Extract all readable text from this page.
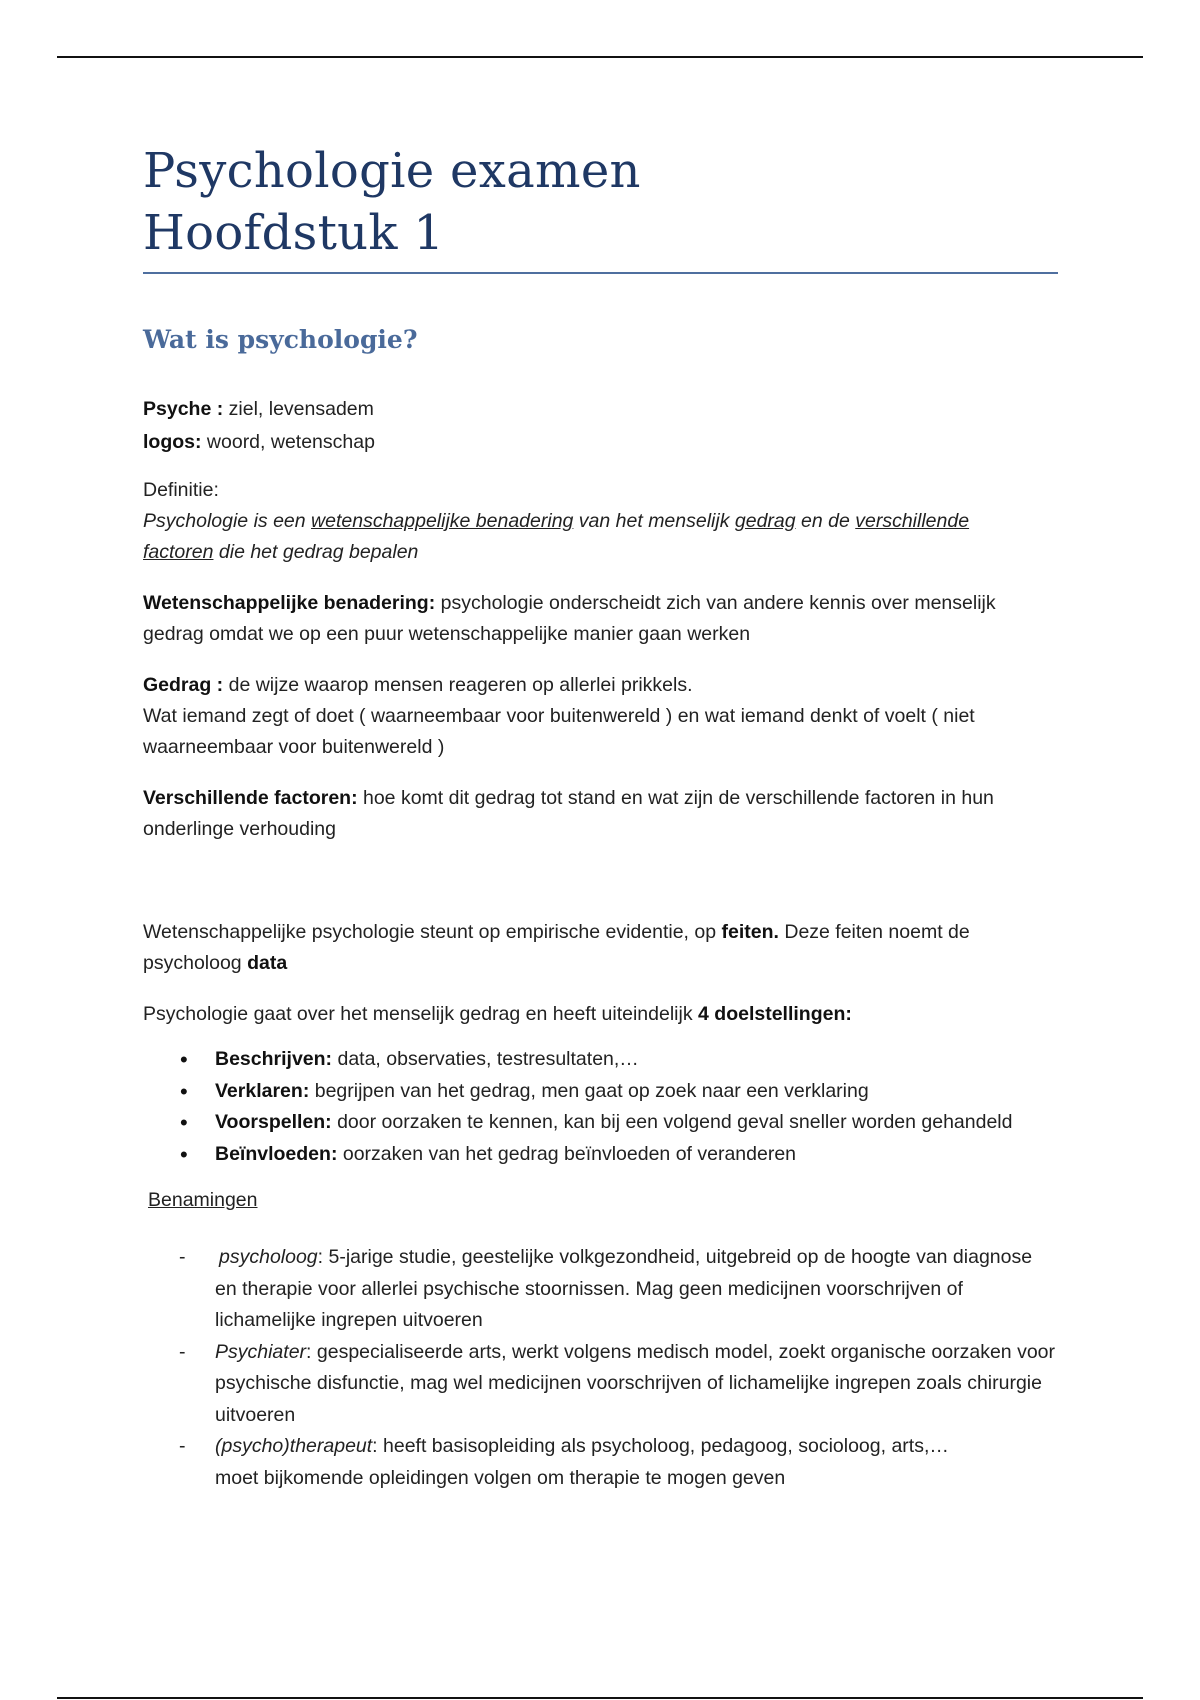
Psychologie examen
Hoofdstuk 1
Wat is psychologie?

Psyche : ziel, levensadem

logos: woord, wetenschap

Definitie:

Psychologie is een wetenschappelijke benadering van het menselijk gedrag en de verschillende factoren die het gedrag bepalen

Wetenschappelijke benadering: psychologie onderscheidt zich van andere kennis over menselijk gedrag omdat we op een puur wetenschappelijke manier gaan werken

Gedrag : de wijze waarop mensen reageren op allerlei prikkels.

Wat iemand zegt of doet ( waarneembaar voor buitenwereld ) en wat iemand denkt of voelt ( niet waarneembaar voor buitenwereld )

Verschillende factoren: hoe komt dit gedrag tot stand en wat zijn de verschillende factoren in hun onderlinge verhouding

Wetenschappelijke psychologie steunt op empirische evidentie, op feiten. Deze feiten noemt de psycholoog data

Psychologie gaat over het menselijk gedrag en heeft uiteindelijk 4 doelstellingen:

• Beschrijven: data, observaties, testresultaten,…
• Verklaren: begrijpen van het gedrag, men gaat op zoek naar een verklaring
• Voorspellen: door oorzaken te kennen, kan bij een volgend geval sneller worden gehandeld
• Beïnvloeden: oorzaken van het gedrag beïnvloeden of veranderen

Benamingen

- psycholoog: 5-jarige studie, geestelijke volkgezondheid, uitgebreid op de hoogte van diagnose en therapie voor allerlei psychische stoornissen. Mag geen medicijnen voorschrijven of lichamelijke ingrepen uitvoeren
- Psychiater: gespecialiseerde arts, werkt volgens medisch model, zoekt organische oorzaken voor psychische disfunctie, mag wel medicijnen voorschrijven of lichamelijke ingrepen zoals chirurgie uitvoeren
- (psycho)therapeut: heeft basisopleiding als psycholoog, pedagoog, socioloog, arts,…
moet bijkomende opleidingen volgen om therapie te mogen geven
